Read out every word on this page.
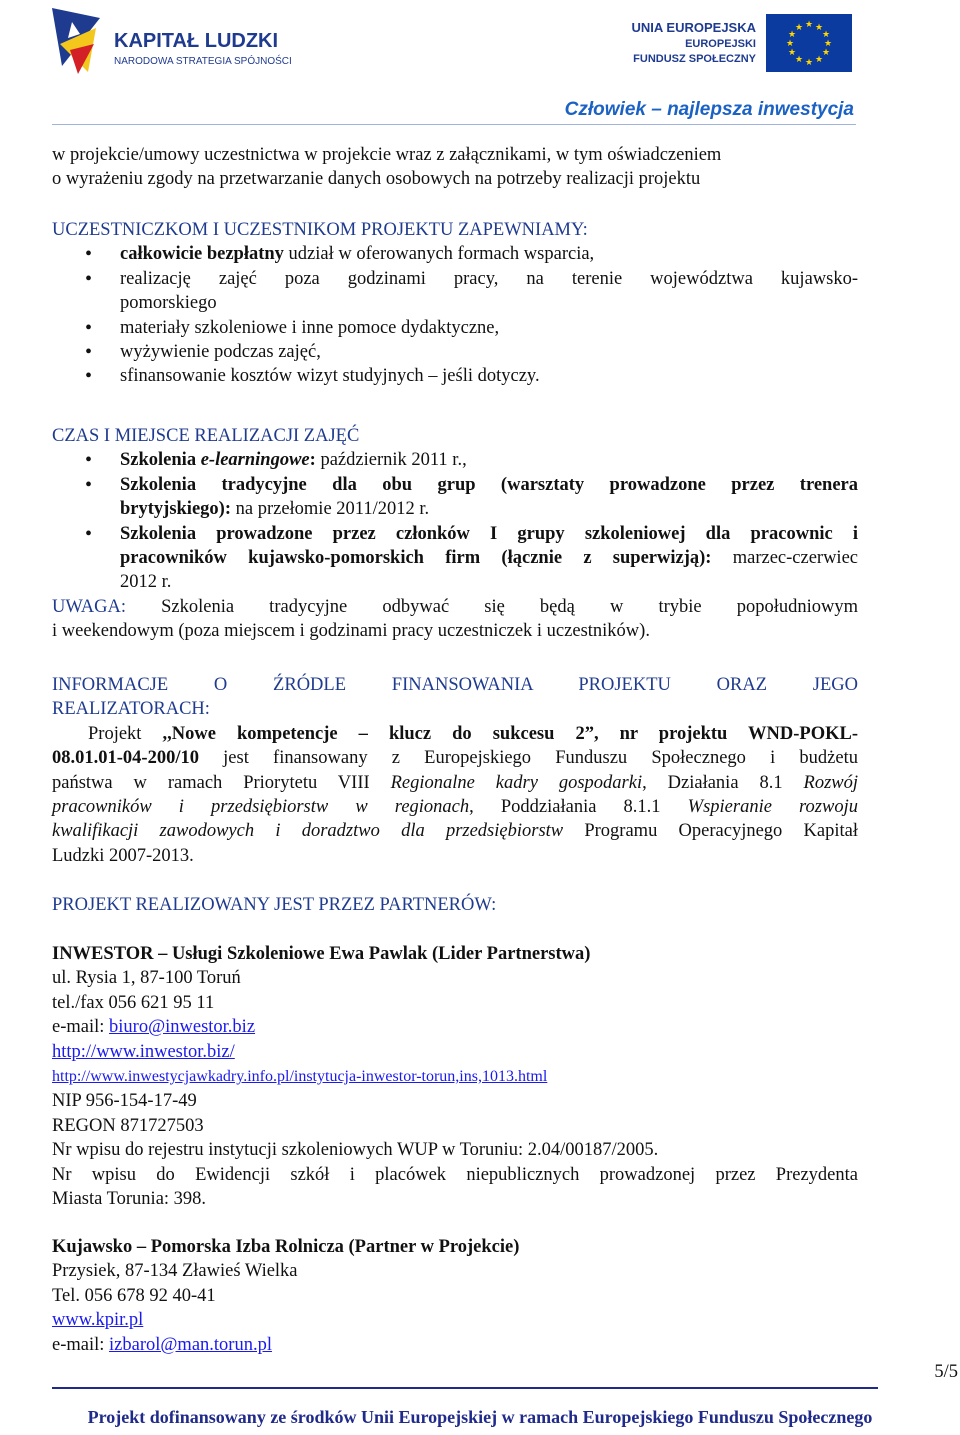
KAPITAŁ LUDZKI
NARODOWA STRATEGIA SPÓJNOŚCI
UNIA EUROPEJSKA
EUROPEJSKI
FUNDUSZ SPOŁECZNY
★ ★
★
★
★
★
★
★
★
★
★
★
Człowiek – najlepsza inwestycja
w projekcie/umowy uczestnictwa w projekcie wraz z załącznikami, w tym oświadczeniem
o wyrażeniu zgody na przetwarzanie danych osobowych na potrzeby realizacji projektu
UCZESTNICZKOM I UCZESTNIKOM PROJEKTU ZAPEWNIAMY:
• całkowicie bezpłatny udział w oferowanych formach wsparcia,
• realizację zajęć poza godzinami pracy, na terenie województwa kujawsko-
pomorskiego
• materiały szkoleniowe i inne pomoce dydaktyczne,
• wyżywienie podczas zajęć,
• sfinansowanie kosztów wizyt studyjnych – jeśli dotyczy.
CZAS I MIEJSCE REALIZACJI ZAJĘĆ
• Szkolenia e-learningowe: październik 2011 r.,
• Szkolenia tradycyjne dla obu grup (warsztaty prowadzone przez trenera
brytyjskiego): na przełomie 2011/2012 r.
• Szkolenia prowadzone przez członków I grupy szkoleniowej dla pracownic i
pracowników kujawsko-pomorskich firm (łącznie z superwizją): marzec-czerwiec
2012 r.
UWAGA: Szkolenia tradycyjne odbywać się będą w trybie popołudniowym
i weekendowym (poza miejscem i godzinami pracy uczestniczek i uczestników).
INFORMACJE O ŹRÓDLE FINANSOWANIA PROJEKTU ORAZ JEGO
REALIZATORACH:
Projekt ,,Nowe kompetencje – klucz do sukcesu 2”, nr projektu WND-POKL-
08.01.01-04-200/10 jest finansowany z Europejskiego Funduszu Społecznego i budżetu
państwa w ramach Priorytetu VIII Regionalne kadry gospodarki, Działania 8.1 Rozwój
pracowników i przedsiębiorstw w regionach, Poddziałania 8.1.1 Wspieranie rozwoju
kwalifikacji zawodowych i doradztwo dla przedsiębiorstw Programu Operacyjnego Kapitał
Ludzki 2007-2013.
PROJEKT REALIZOWANY JEST PRZEZ PARTNERÓW:
INWESTOR – Usługi Szkoleniowe Ewa Pawlak (Lider Partnerstwa)
ul. Rysia 1, 87-100 Toruń
tel./fax 056 621 95 11
e-mail: biuro@inwestor.biz
http://www.inwestor.biz/
http://www.inwestycjawkadry.info.pl/instytucja-inwestor-torun,ins,1013.html
NIP 956-154-17-49
REGON 871727503
Nr wpisu do rejestru instytucji szkoleniowych WUP w Toruniu: 2.04/00187/2005.
Nr wpisu do Ewidencji szkół i placówek niepublicznych prowadzonej przez Prezydenta
Miasta Torunia: 398.
Kujawsko – Pomorska Izba Rolnicza (Partner w Projekcie)
Przysiek, 87-134 Zławieś Wielka
Tel. 056 678 92 40-41
www.kpir.pl
e-mail: izbarol@man.torun.pl
5/5
Projekt dofinansowany ze środków Unii Europejskiej w ramach Europejskiego Funduszu Społecznego
